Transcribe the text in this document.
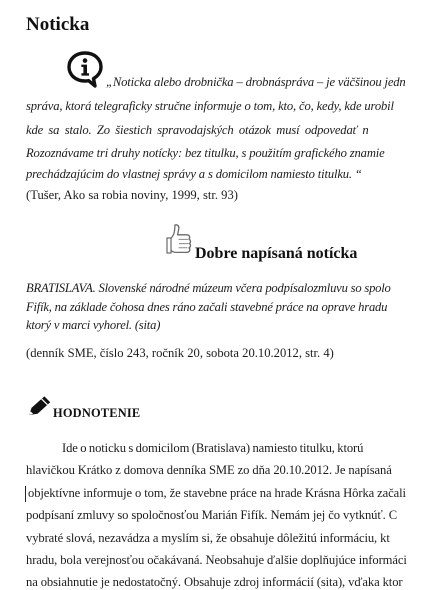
Noticka
„Noticka alebo drobnička – drobnáspráva – je väčšinou jedn
správa, ktorá telegraficky stručne informuje o tom, kto, čo, kedy, kde urobil
kde sa stalo. Zo šiestich spravodajských otázok musí odpovedať n
Rozoznávame tri druhy notícky: bez titulku, s použitím grafického znamie
prechádzajúcim do vlastnej správy a s domicilom namiesto titulku. “
(Tušer, Ako sa robia noviny, 1999, str. 93)
Dobre napísaná notícka
BRATISLAVA. Slovenské národné múzeum včera podpísalozmluvu so spolo
Fifík, na základe čohosa dnes ráno začali stavebné práce na oprave hradu
ktorý v marci vyhorel. (sita)
(denník SME, číslo 243, ročník 20, sobota 20.10.2012, str. 4)
HODNOTENIE
Ide o noticku s domicilom (Bratislava) namiesto titulku, ktorú
hlavičkou Krátko z domova denníka SME zo dňa 20.10.2012. Je napísaná
objektívne informuje o tom, že stavebne práce na hrade Krásna Hôrka začali
podpísaní zmluvy so spoločnosťou Marián Fifík. Nemám jej čo vytknúť. C
vybraté slová, nezavádza a myslím si, že obsahuje dôležitú informáciu, kt
hradu, bola verejnosťou očakávaná. Neobsahuje ďalšie doplňujúce informáci
na obsiahnutie je nedostatočný. Obsahuje zdroj informácií (sita), vďaka ktor
